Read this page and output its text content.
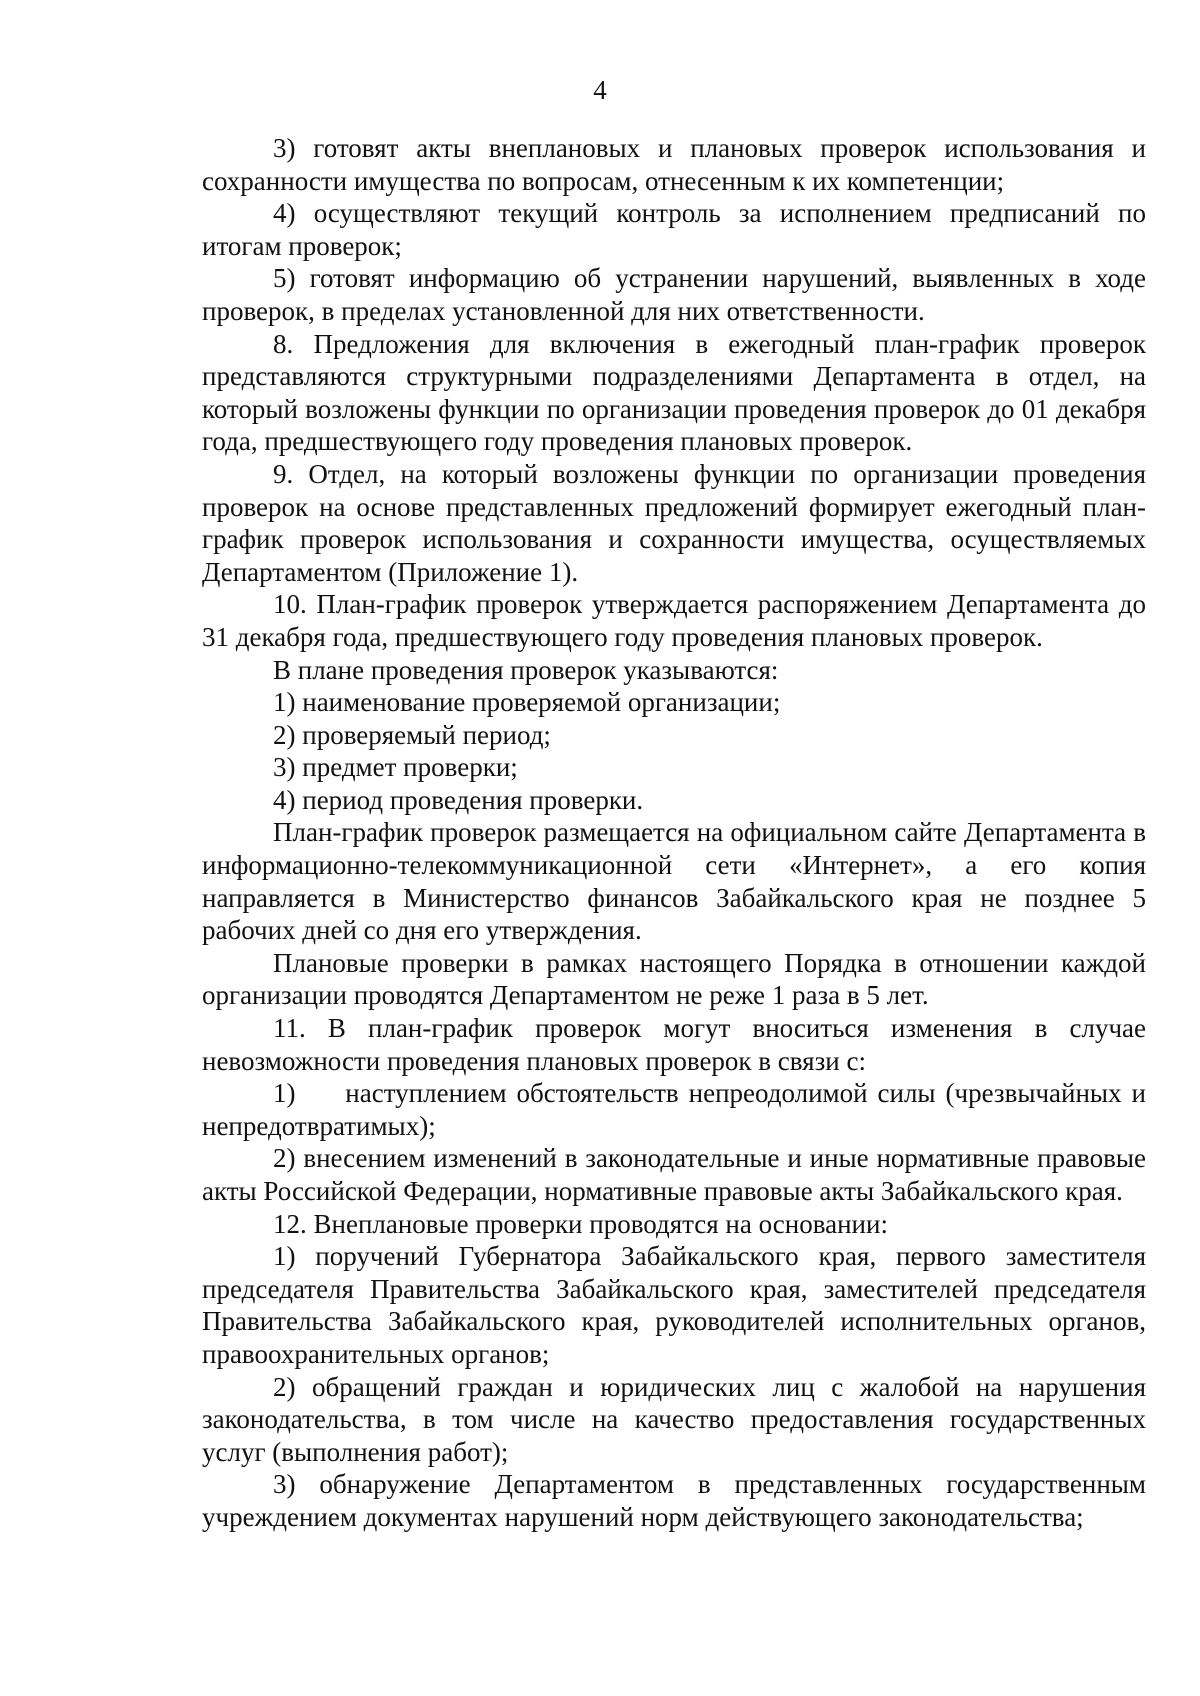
4

3) готовят акты внеплановых и плановых проверок использования и сохранности имущества по вопросам, отнесенным к их компетенции;

4) осуществляют текущий контроль за исполнением предписаний по итогам проверок;

5) готовят информацию об устранении нарушений, выявленных в ходе проверок, в пределах установленной для них ответственности.

8. Предложения для включения в ежегодный план-график проверок представляются структурными подразделениями Департамента в отдел, на который возложены функции по организации проведения проверок до 01 декабря года, предшествующего году проведения плановых проверок.

9. Отдел, на который возложены функции по организации проведения проверок на основе представленных предложений формирует ежегодный план-график проверок использования и сохранности имущества, осуществляемых Департаментом (Приложение 1).

10. План-график проверок утверждается распоряжением Департамента до 31 декабря года, предшествующего году проведения плановых проверок.

В плане проведения проверок указываются:

1) наименование проверяемой организации;

2) проверяемый период;

3) предмет проверки;

4) период проведения проверки.

План-график проверок размещается на официальном сайте Департамента в информационно-телекоммуникационной сети «Интернет», а его копия направляется в Министерство финансов Забайкальского края не позднее 5 рабочих дней со дня его утверждения.

Плановые проверки в рамках настоящего Порядка в отношении каждой организации проводятся Департаментом не реже 1 раза в 5 лет.

11. В план-график проверок могут вноситься изменения в случае невозможности проведения плановых проверок в связи с:

1)     наступлением обстоятельств непреодолимой силы (чрезвычайных и непредотвратимых);

2) внесением изменений в законодательные и иные нормативные правовые акты Российской Федерации, нормативные правовые акты Забайкальского края.

12. Внеплановые проверки проводятся на основании:

1) поручений Губернатора Забайкальского края, первого заместителя председателя Правительства Забайкальского края, заместителей председателя Правительства Забайкальского края, руководителей исполнительных органов, правоохранительных органов;

2) обращений граждан и юридических лиц с жалобой на нарушения законодательства, в том числе на качество предоставления государственных услуг (выполнения работ);

3) обнаружение Департаментом в представленных государственным учреждением документах нарушений норм действующего законодательства;
